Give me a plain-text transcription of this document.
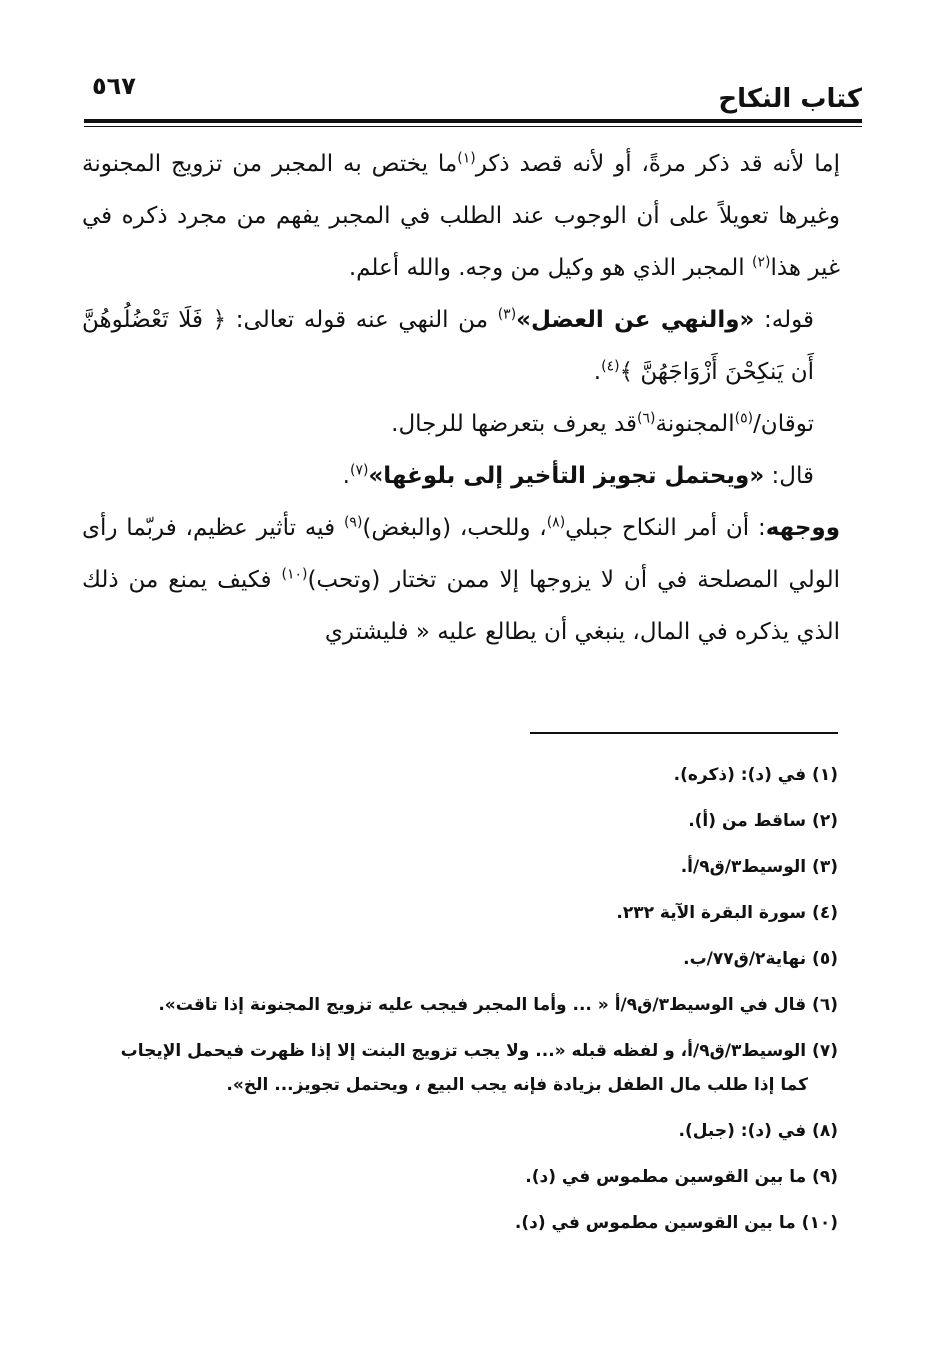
٥٦٧	كتاب النكاح

إما لأنه قد ذكر مرةً، أو لأنه قصد ذكر$^{(١)}$ما يختص به المجبر من تزويج المجنونة وغيرها تعويلاً على أن الوجوب عند الطلب في المجبر يفهم من مجرد ذكره في غير هذا$^{(٢)}$ المجبر الذي هو وكيل من وجه. والله أعلم.

قوله: «والنهي عن العضل»$^{(٣)}$ من النهي عنه قوله تعالى: ﴿ فَلَا تَعْضُلُوهُنَّ أَن يَنكِحْنَ أَزْوَاجَهُنَّ ﴾$^{(٤)}$.

توقان/$^{(٥)}$المجنونة$^{(٦)}$قد يعرف بتعرضها للرجال.

قال: «ويحتمل تجويز التأخير إلى بلوغها»$^{(٧)}$.

ووجهه: أن أمر النكاح جبلي$^{(٨)}$، وللحب، (والبغض)$^{(٩)}$ فيه تأثير عظيم، فربّما رأى الولي المصلحة في أن لا يزوجها إلا ممن تختار (وتحب)$^{(١٠)}$ فكيف يمنع من ذلك الذي يذكره في المال، ينبغي أن يطالع عليه « فليشتري

(١) في (د): (ذكره).

(٢) ساقط من (أ).

(٣) الوسيط٣/ق٩/أ.

(٤) سورة البقرة الآية ٢٣٢.

(٥) نهاية٢/ق٧٧/ب.

(٦) قال في الوسيط٣/ق٩/أ « ... وأما المجبر فيجب عليه تزويج المجنونة إذا تاقت».

(٧) الوسيط٣/ق٩/أ، و لفظه قبله «... ولا يجب تزويج البنت إلا إذا ظهرت فيحمل الإيجاب
كما إذا طلب مال الطفل بزيادة فإنه يجب البيع ، ويحتمل تجويز... الخ».

(٨) في (د): (جبل).

(٩) ما بين القوسين مطموس في (د).

(١٠) ما بين القوسين مطموس في (د).
